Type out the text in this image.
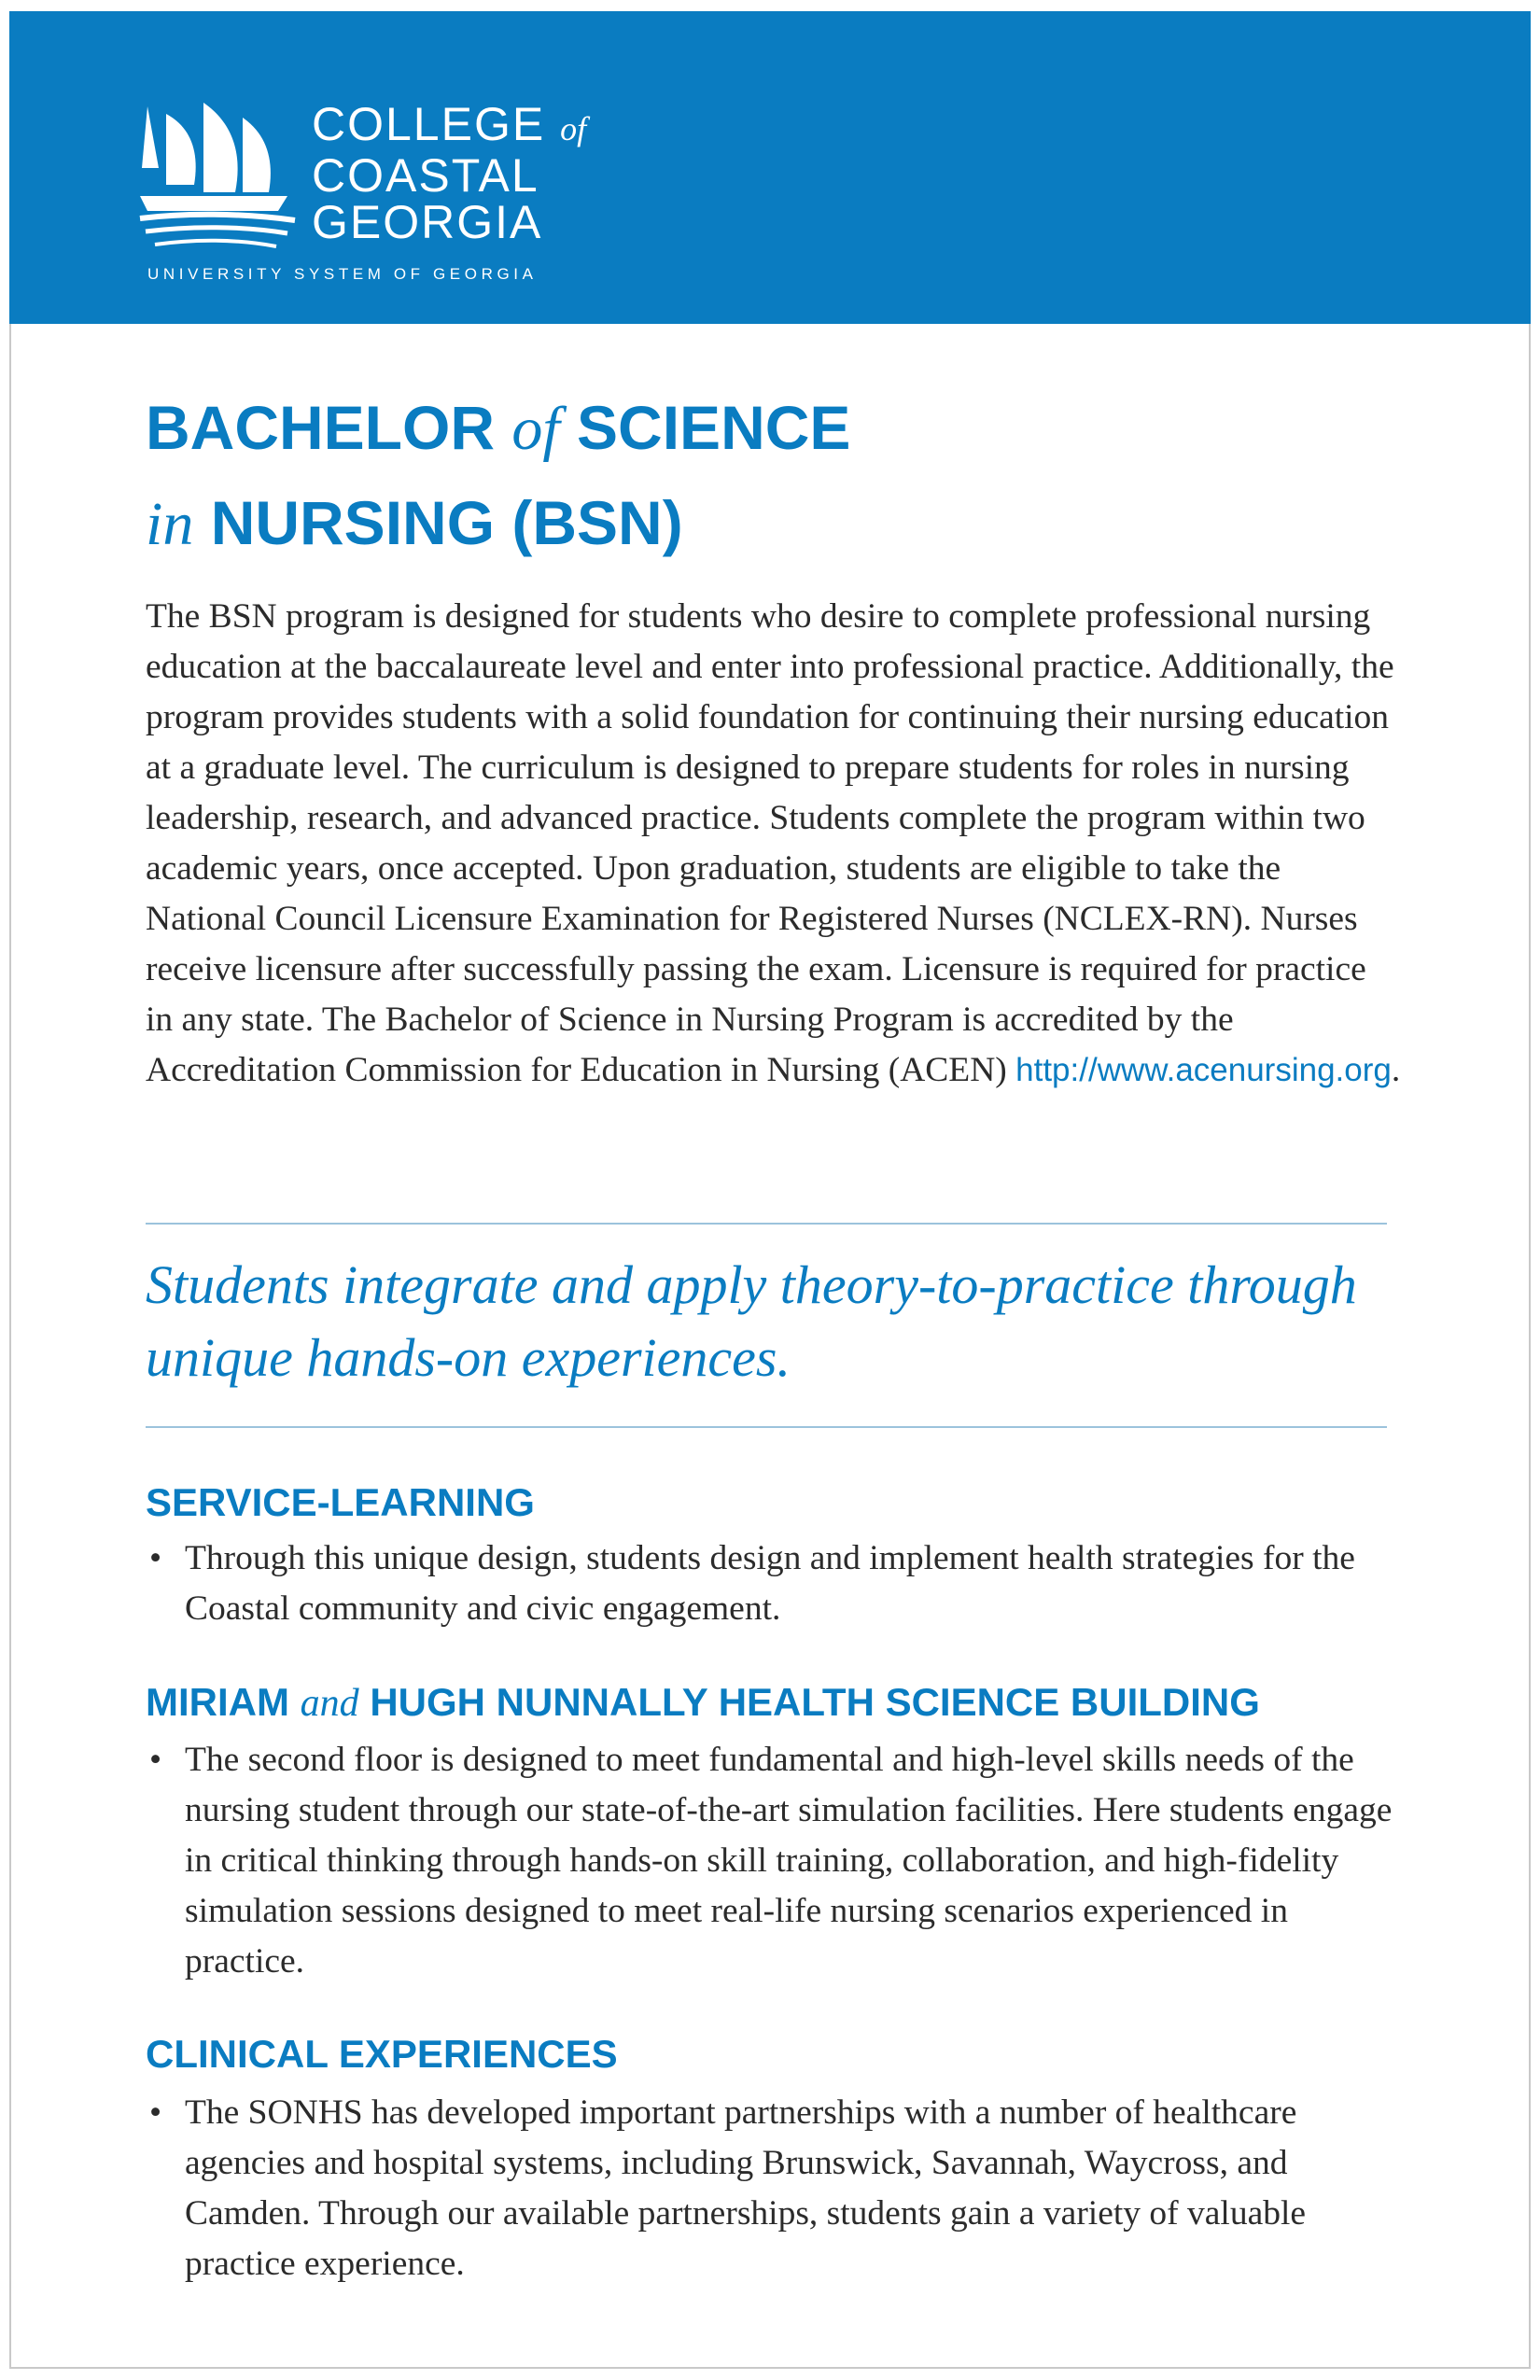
COLLEGE of
COASTAL
GEORGIA
UNIVERSITY SYSTEM OF GEORGIA
BACHELOR of SCIENCE
in NURSING (BSN)

The BSN program is designed for students who desire to complete professional nursing education at the baccalaureate level and enter into professional practice. Additionally, the program provides students with a solid foundation for continuing their nursing education at a graduate level. The curriculum is designed to prepare students for roles in nursing leadership, research, and advanced practice. Students complete the program within two academic years, once accepted. Upon graduation, students are eligible to take the National Council Licensure Examination for Registered Nurses (NCLEX-RN). Nurses receive licensure after successfully passing the exam. Licensure is required for practice in any state. The Bachelor of Science in Nursing Program is accredited by the Accreditation Commission for Education in Nursing (ACEN) http://www.acenursing.org.

Students integrate and apply theory-to-practice through unique hands-on experiences.

SERVICE-LEARNING

• Through this unique design, students design and implement health strategies for the Coastal community and civic engagement.

MIRIAM and HUGH NUNNALLY HEALTH SCIENCE BUILDING

• The second floor is designed to meet fundamental and high-level skills needs of the nursing student through our state-of-the-art simulation facilities. Here students engage in critical thinking through hands-on skill training, collaboration, and high-fidelity simulation sessions designed to meet real-life nursing scenarios experienced in practice.

CLINICAL EXPERIENCES

• The SONHS has developed important partnerships with a number of healthcare agencies and hospital systems, including Brunswick, Savannah, Waycross, and Camden. Through our available partnerships, students gain a variety of valuable practice experience.
